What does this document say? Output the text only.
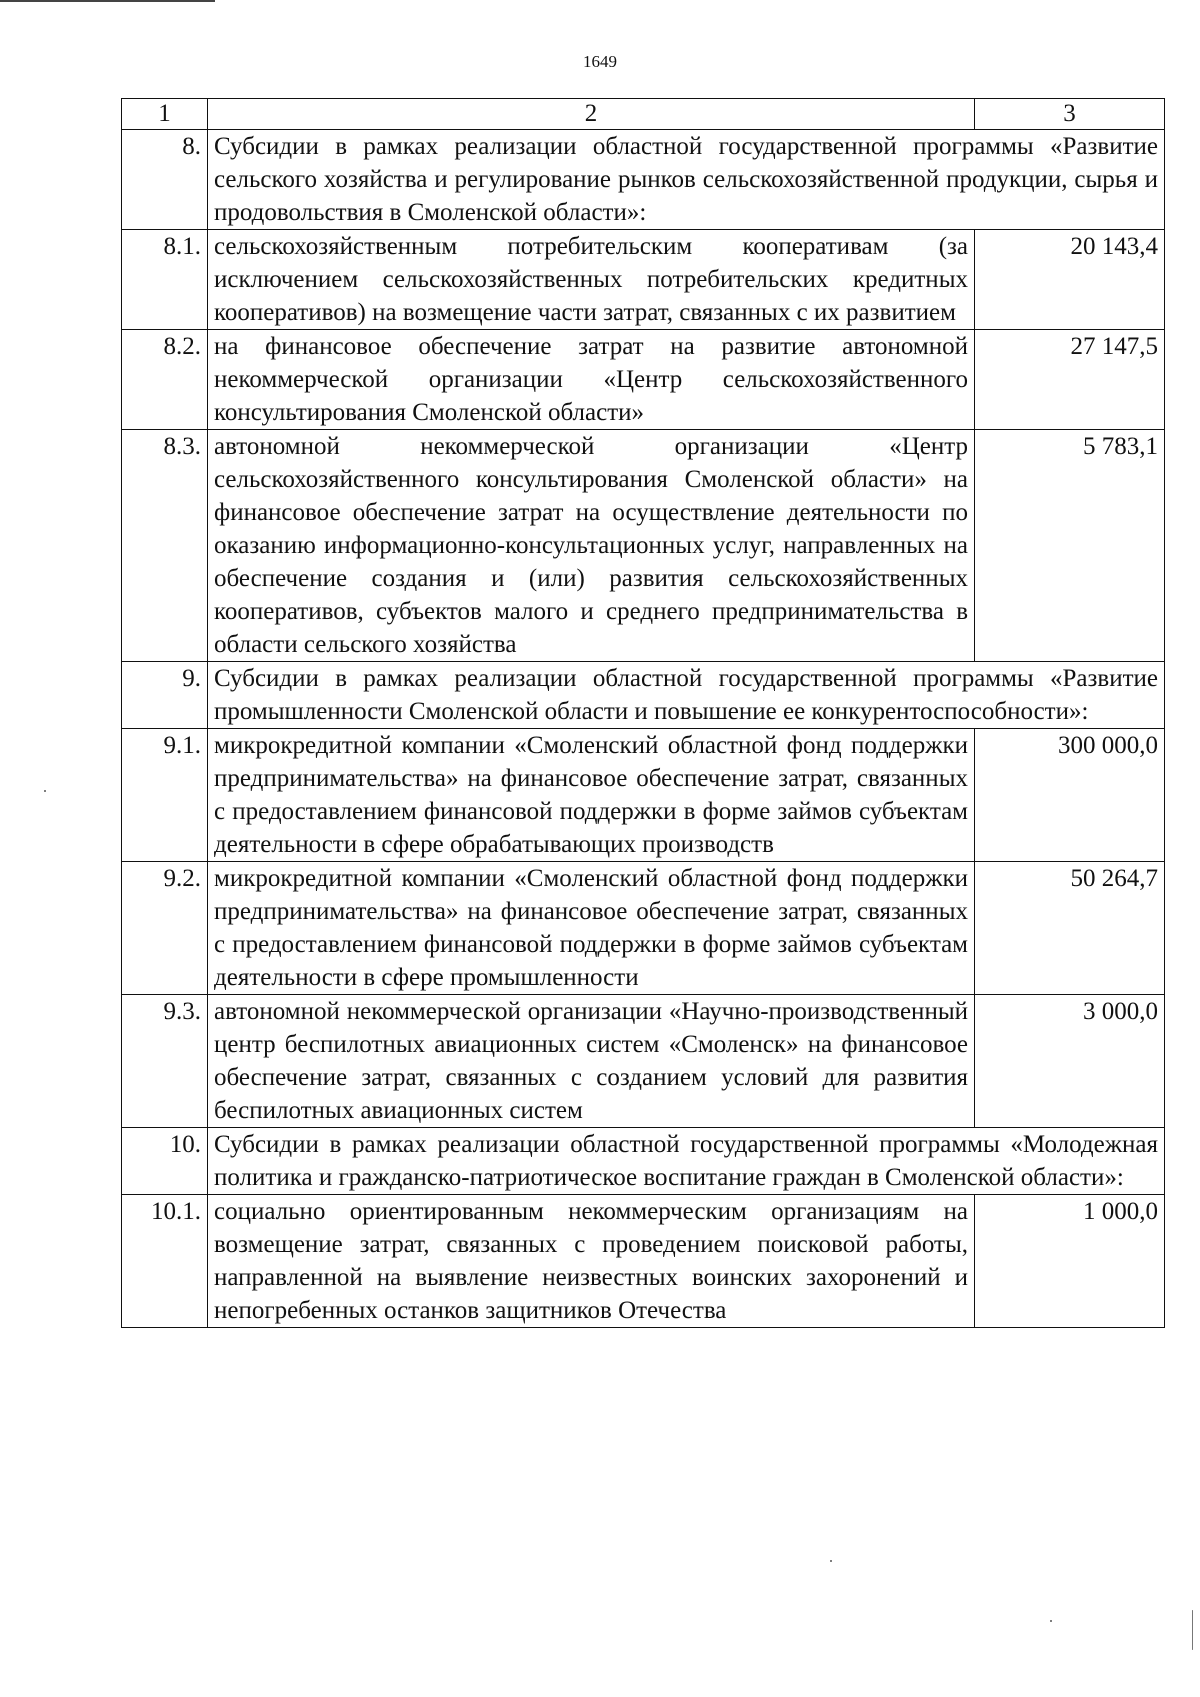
1649
1	2	3
8.	Субсидии в рамках реализации областной государственной программы «Развитие сельского хозяйства и регулирование рынков сельскохозяйственной продукции, сырья и продовольствия в Смоленской области»:	
8.1.	сельскохозяйственным потребительским кооперативам (за исключением сельскохозяйственных потребительских кредитных кооперативов) на возмещение части затрат, связанных с их развитием	20 143,4
8.2.	на финансовое обеспечение затрат на развитие автономной некоммерческой организации «Центр сельскохозяйственного консультирования Смоленской области»	27 147,5
8.3.	автономной некоммерческой организации «Центр сельскохозяйственного консультирования Смоленской области» на финансовое обеспечение затрат на осуществление деятельности по оказанию информационно-консультационных услуг, направленных на обеспечение создания и (или) развития сельскохозяйственных кооперативов, субъектов малого и среднего предпринимательства в области сельского хозяйства	5 783,1
9.	Субсидии в рамках реализации областной государственной программы «Развитие промышленности Смоленской области и повышение ее конкурентоспособности»:	
9.1.	микрокредитной компании «Смоленский областной фонд поддержки предпринимательства» на финансовое обеспечение затрат, связанных с предоставлением финансовой поддержки в форме займов субъектам деятельности в сфере обрабатывающих производств	300 000,0
9.2.	микрокредитной компании «Смоленский областной фонд поддержки предпринимательства» на финансовое обеспечение затрат, связанных с предоставлением финансовой поддержки в форме займов субъектам деятельности в сфере промышленности	50 264,7
9.3.	автономной некоммерческой организации «Научно-производственный центр беспилотных авиационных систем «Смоленск» на финансовое обеспечение затрат, связанных с созданием условий для развития беспилотных авиационных систем	3 000,0
10.	Субсидии в рамках реализации областной государственной программы «Молодежная политика и гражданско-патриотическое воспитание граждан в Смоленской области»:	
10.1.	социально ориентированным некоммерческим организациям на возмещение затрат, связанных с проведением поисковой работы, направленной на выявление неизвестных воинских захоронений и непогребенных останков защитников Отечества	1 000,0
